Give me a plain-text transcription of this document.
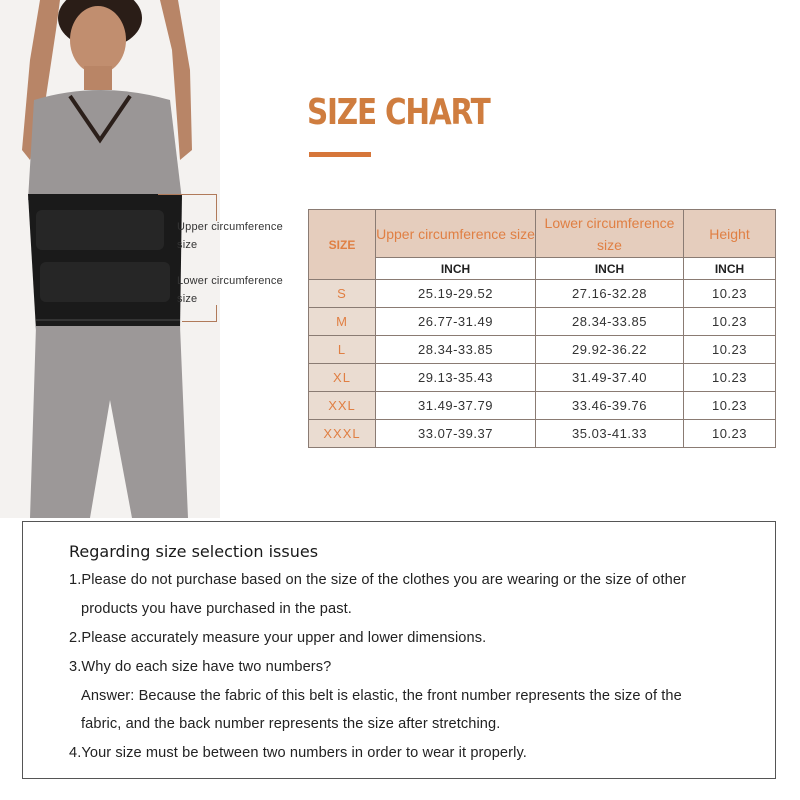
Upper circumference size
Lower circumference size
SIZE CHART
SIZE	Upper circumference size	Lower circumference size	Height
	INCH	INCH	INCH
S	25.19-29.52	27.16-32.28	10.23
M	26.77-31.49	28.34-33.85	10.23
L	28.34-33.85	29.92-36.22	10.23
XL	29.13-35.43	31.49-37.40	10.23
XXL	31.49-37.79	33.46-39.76	10.23
XXXL	33.07-39.37	35.03-41.33	10.23
Regarding size selection issues
1.Please do not purchase based on the size of the clothes you are wearing or the size of other
products you have purchased in the past.
2.Please accurately measure your upper and lower dimensions.
3.Why do each size have two numbers?
Answer: Because the fabric of this belt is elastic, the front number represents the size of the
fabric, and the back number represents the size after stretching.
4.Your size must be between two numbers in order to wear it properly.
